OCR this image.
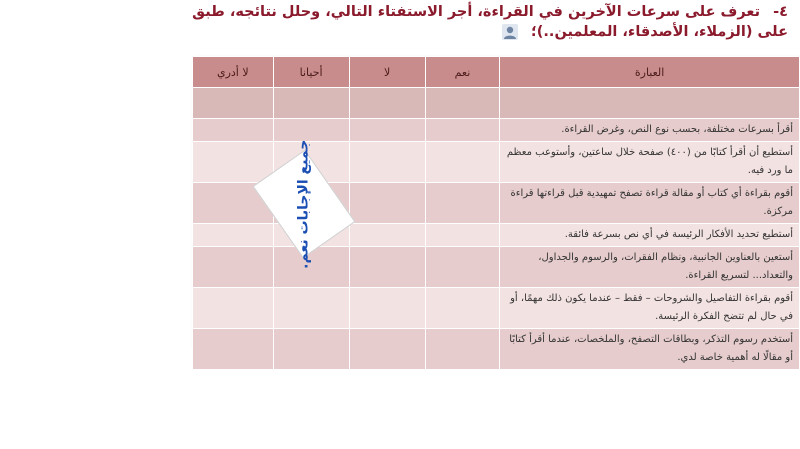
٤- تعرف على سرعات الآخرين في القراءة، أجر الاستفتاء التالي، وحلل نتائجه، طبق على (الزملاء، الأصدقاء، المعلمين..)؛
العبارة	نعم	لا	أحيانا	لا أدري

أقرأ بسرعات مختلفة، بحسب نوع النص، وغرض القراءة.				
أستطيع أن أقرأ كتابًا من (٤٠٠) صفحة خلال ساعتين، وأستوعب معظم ما ورد فيه.				
أقوم بقراءة أي كتاب أو مقالة قراءة تصفح تمهيدية قبل قراءتها قراءة مركزة.				
أستطيع تحديد الأفكار الرئيسة في أي نص بسرعة فائقة.				
أستعين بالعناوين الجانبية، ونظام الفقرات، والرسوم والجداول، والتعداد... لتسريع القراءة.				
أقوم بقراءة التفاصيل والشروحات – فقط – عندما يكون ذلك مهمًا، أو في حال لم تتضح الفكرة الرئيسة.				
أستخدم رسوم التذكر، وبطاقات التصفح، والملخصات، عندما أقرأ كتابًا أو مقالًا له أهمية خاصة لدي.				
جميع الإجابات نعم.
